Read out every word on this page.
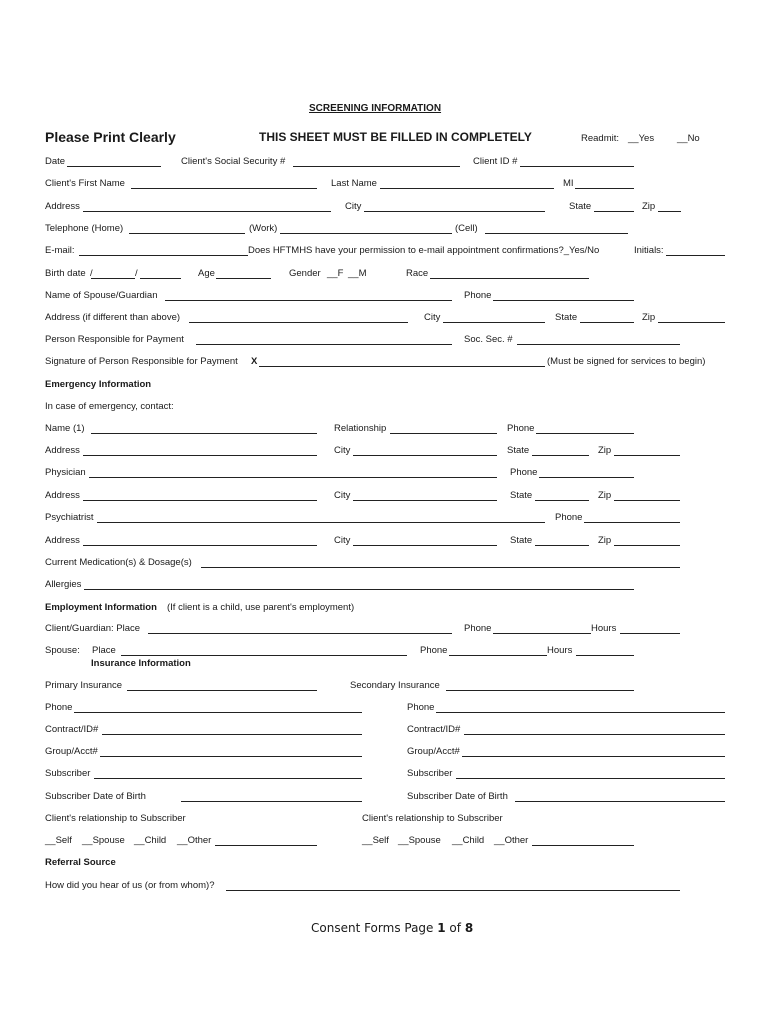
SCREENING INFORMATION
Please Print Clearly	THIS SHEET MUST BE FILLED IN COMPLETELY	Readmit: __Yes __No
Date	Client's Social Security #	Client ID #
Client's First Name	Last Name	MI
Address	City	State	Zip
Telephone (Home)	(Work)	(Cell)
E-mail:	Does HFTMHS have your permission to e-mail appointment confirmations?_Yes/No	Initials:
Birth date /	/	Age	Gender __F __M	Race
Name of Spouse/Guardian	Phone
Address (if different than above)	City	State	Zip
Person Responsible for Payment	Soc. Sec. #
Signature of Person Responsible for Payment X	(Must be signed for services to begin)
Emergency Information
In case of emergency, contact:
Name (1)	Relationship	Phone
Address	City	State	Zip
Physician	Phone
Address	City	State	Zip
Psychiatrist	Phone
Address	City	State	Zip
Current Medication(s) & Dosage(s)
Allergies
Employment Information (If client is a child, use parent's employment)
Client/Guardian: Place	Phone	Hours
Spouse: Place	Phone	Hours
Insurance Information
Primary Insurance	Secondary Insurance
Phone	Phone
Contract/ID#	Contract/ID#
Group/Acct#	Group/Acct#
Subscriber	Subscriber
Subscriber Date of Birth	Subscriber Date of Birth
Client's relationship to Subscriber	Client's relationship to Subscriber
__Self __Spouse __Child __Other	__Self __Spouse __Child __Other
Referral Source
How did you hear of us (or from whom)?
Consent Forms Page 1 of 8
